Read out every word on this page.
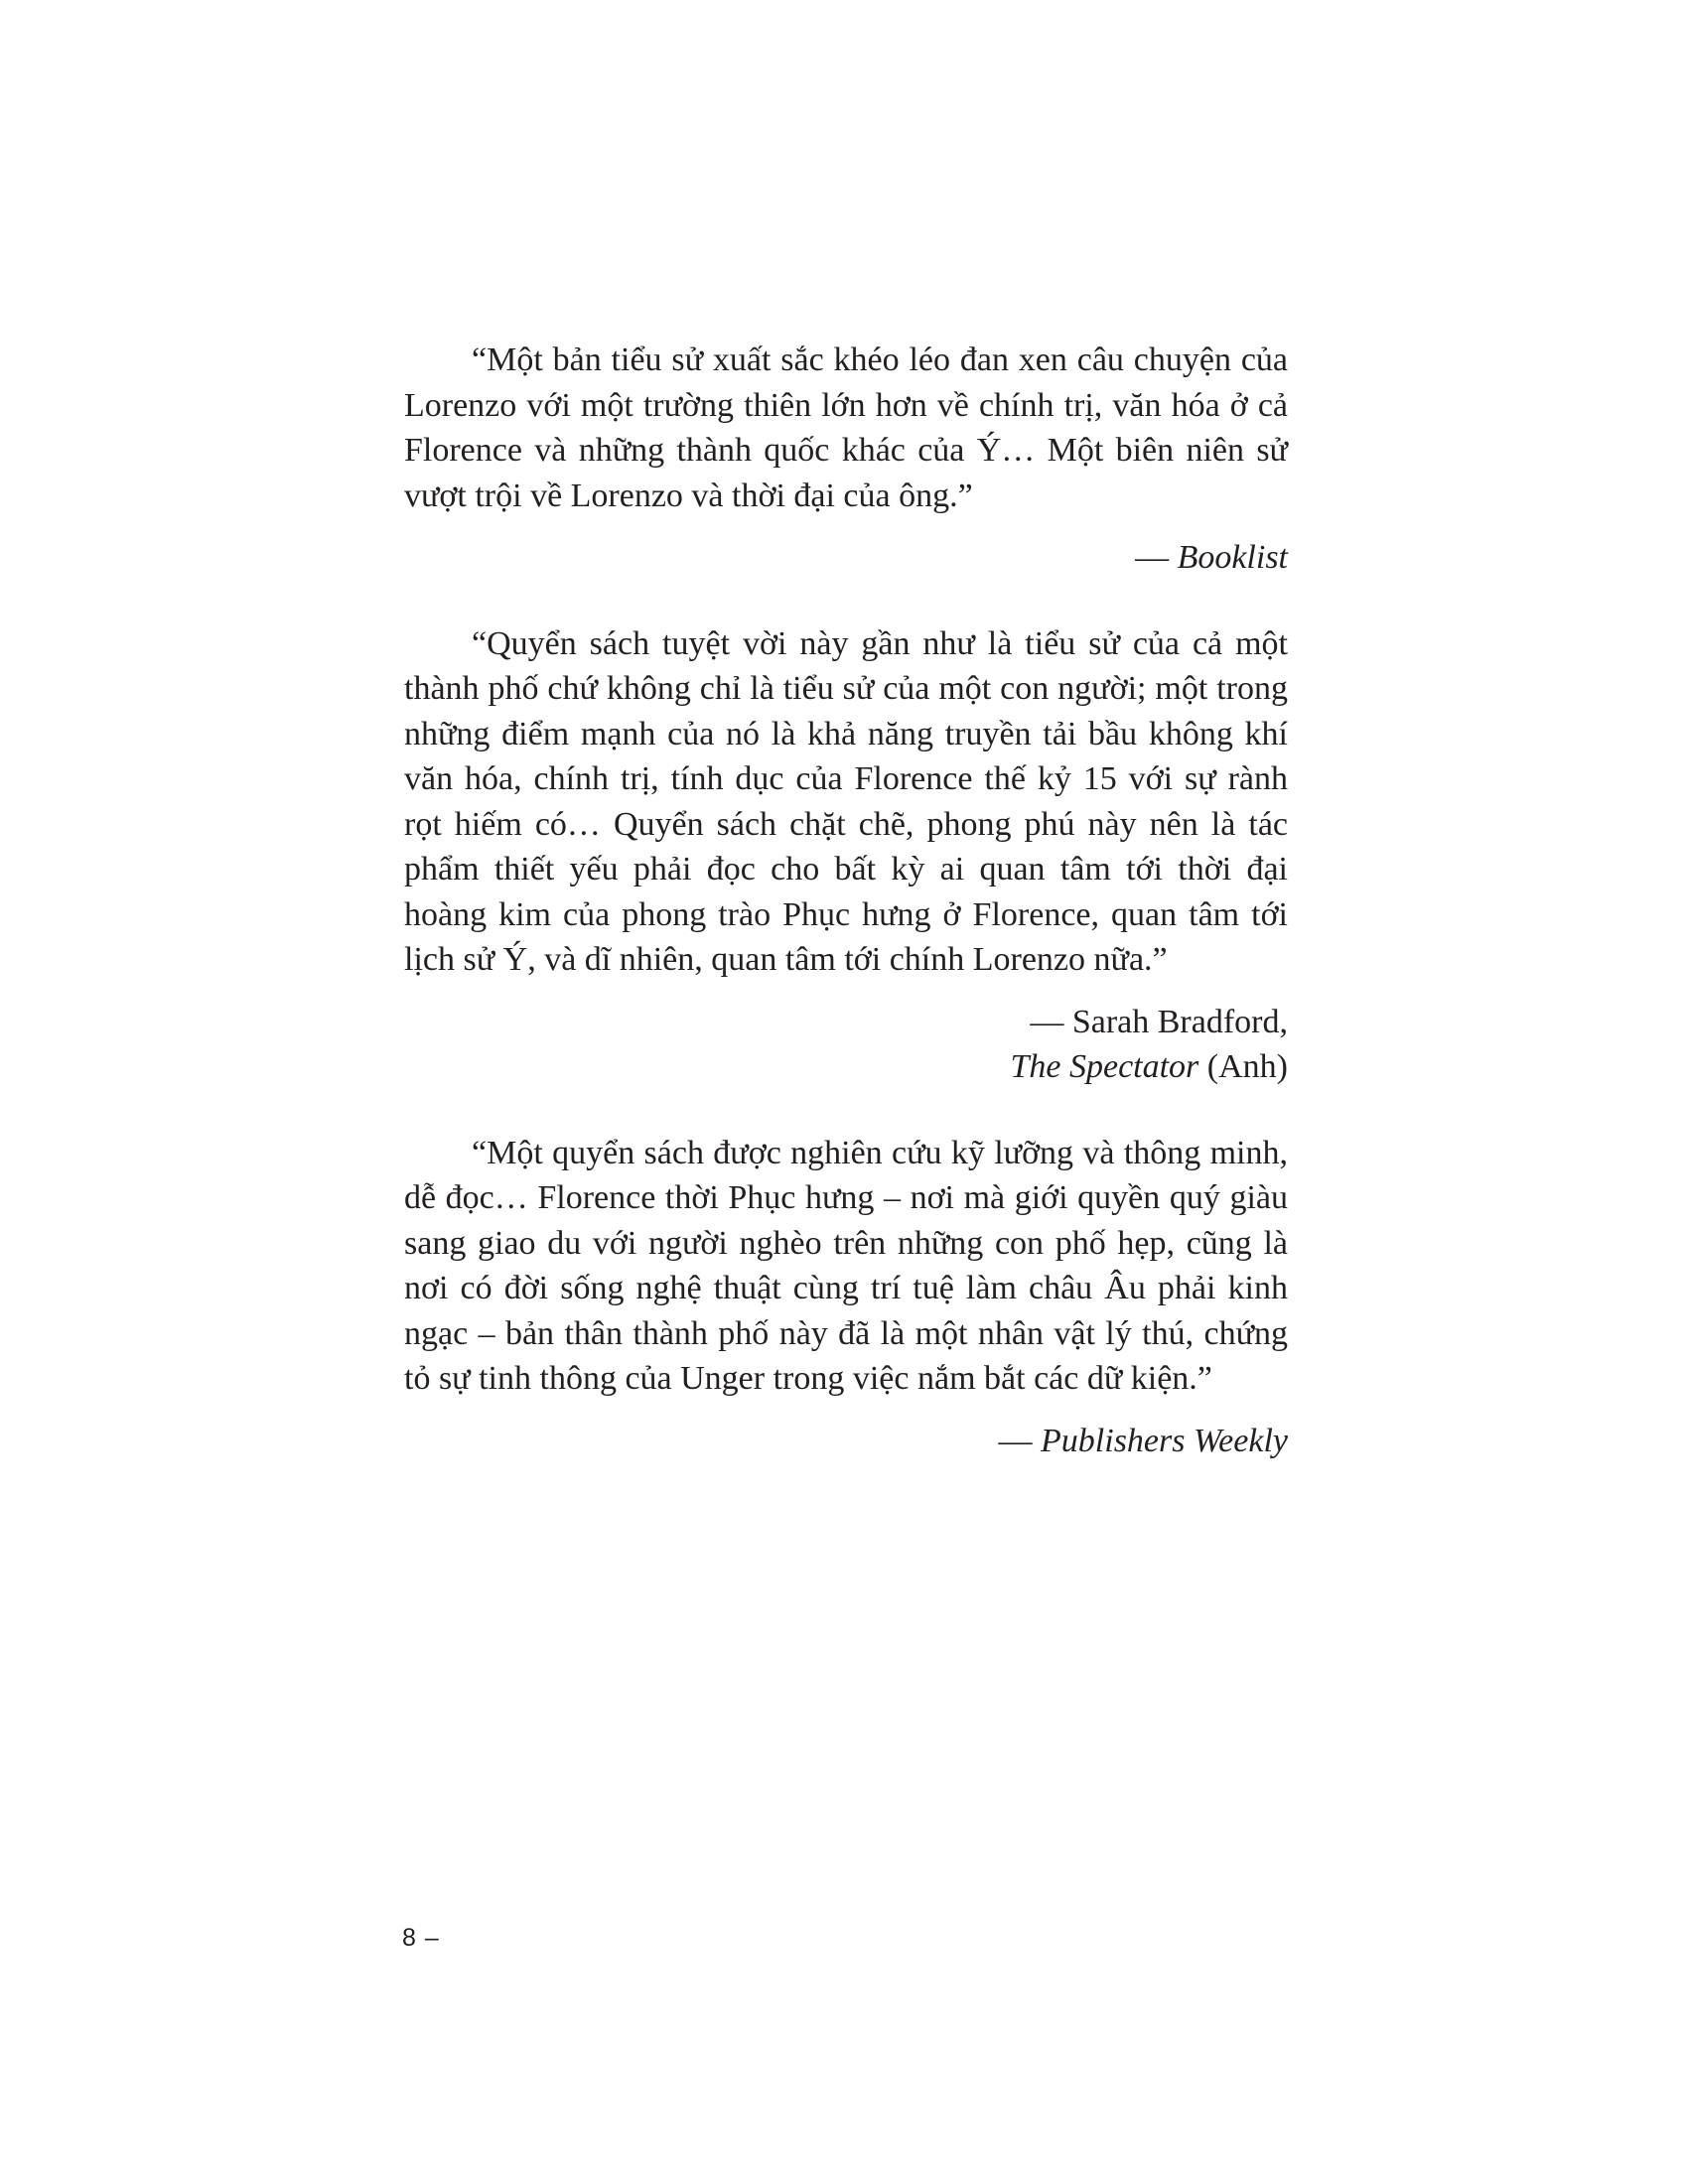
“Một bản tiểu sử xuất sắc khéo léo đan xen câu chuyện của Lorenzo với một trường thiên lớn hơn về chính trị, văn hóa ở cả Florence và những thành quốc khác của Ý… Một biên niên sử vượt trội về Lorenzo và thời đại của ông.”

— Booklist

“Quyển sách tuyệt vời này gần như là tiểu sử của cả một thành phố chứ không chỉ là tiểu sử của một con người; một trong những điểm mạnh của nó là khả năng truyền tải bầu không khí văn hóa, chính trị, tính dục của Florence thế kỷ 15 với sự rành rọt hiếm có… Quyển sách chặt chẽ, phong phú này nên là tác phẩm thiết yếu phải đọc cho bất kỳ ai quan tâm tới thời đại hoàng kim của phong trào Phục hưng ở Florence, quan tâm tới lịch sử Ý, và dĩ nhiên, quan tâm tới chính Lorenzo nữa.”

— Sarah Bradford,
The Spectator (Anh)

“Một quyển sách được nghiên cứu kỹ lưỡng và thông minh, dễ đọc… Florence thời Phục hưng – nơi mà giới quyền quý giàu sang giao du với người nghèo trên những con phố hẹp, cũng là nơi có đời sống nghệ thuật cùng trí tuệ làm châu Âu phải kinh ngạc – bản thân thành phố này đã là một nhân vật lý thú, chứng tỏ sự tinh thông của Unger trong việc nắm bắt các dữ kiện.”

— Publishers Weekly
8 –
